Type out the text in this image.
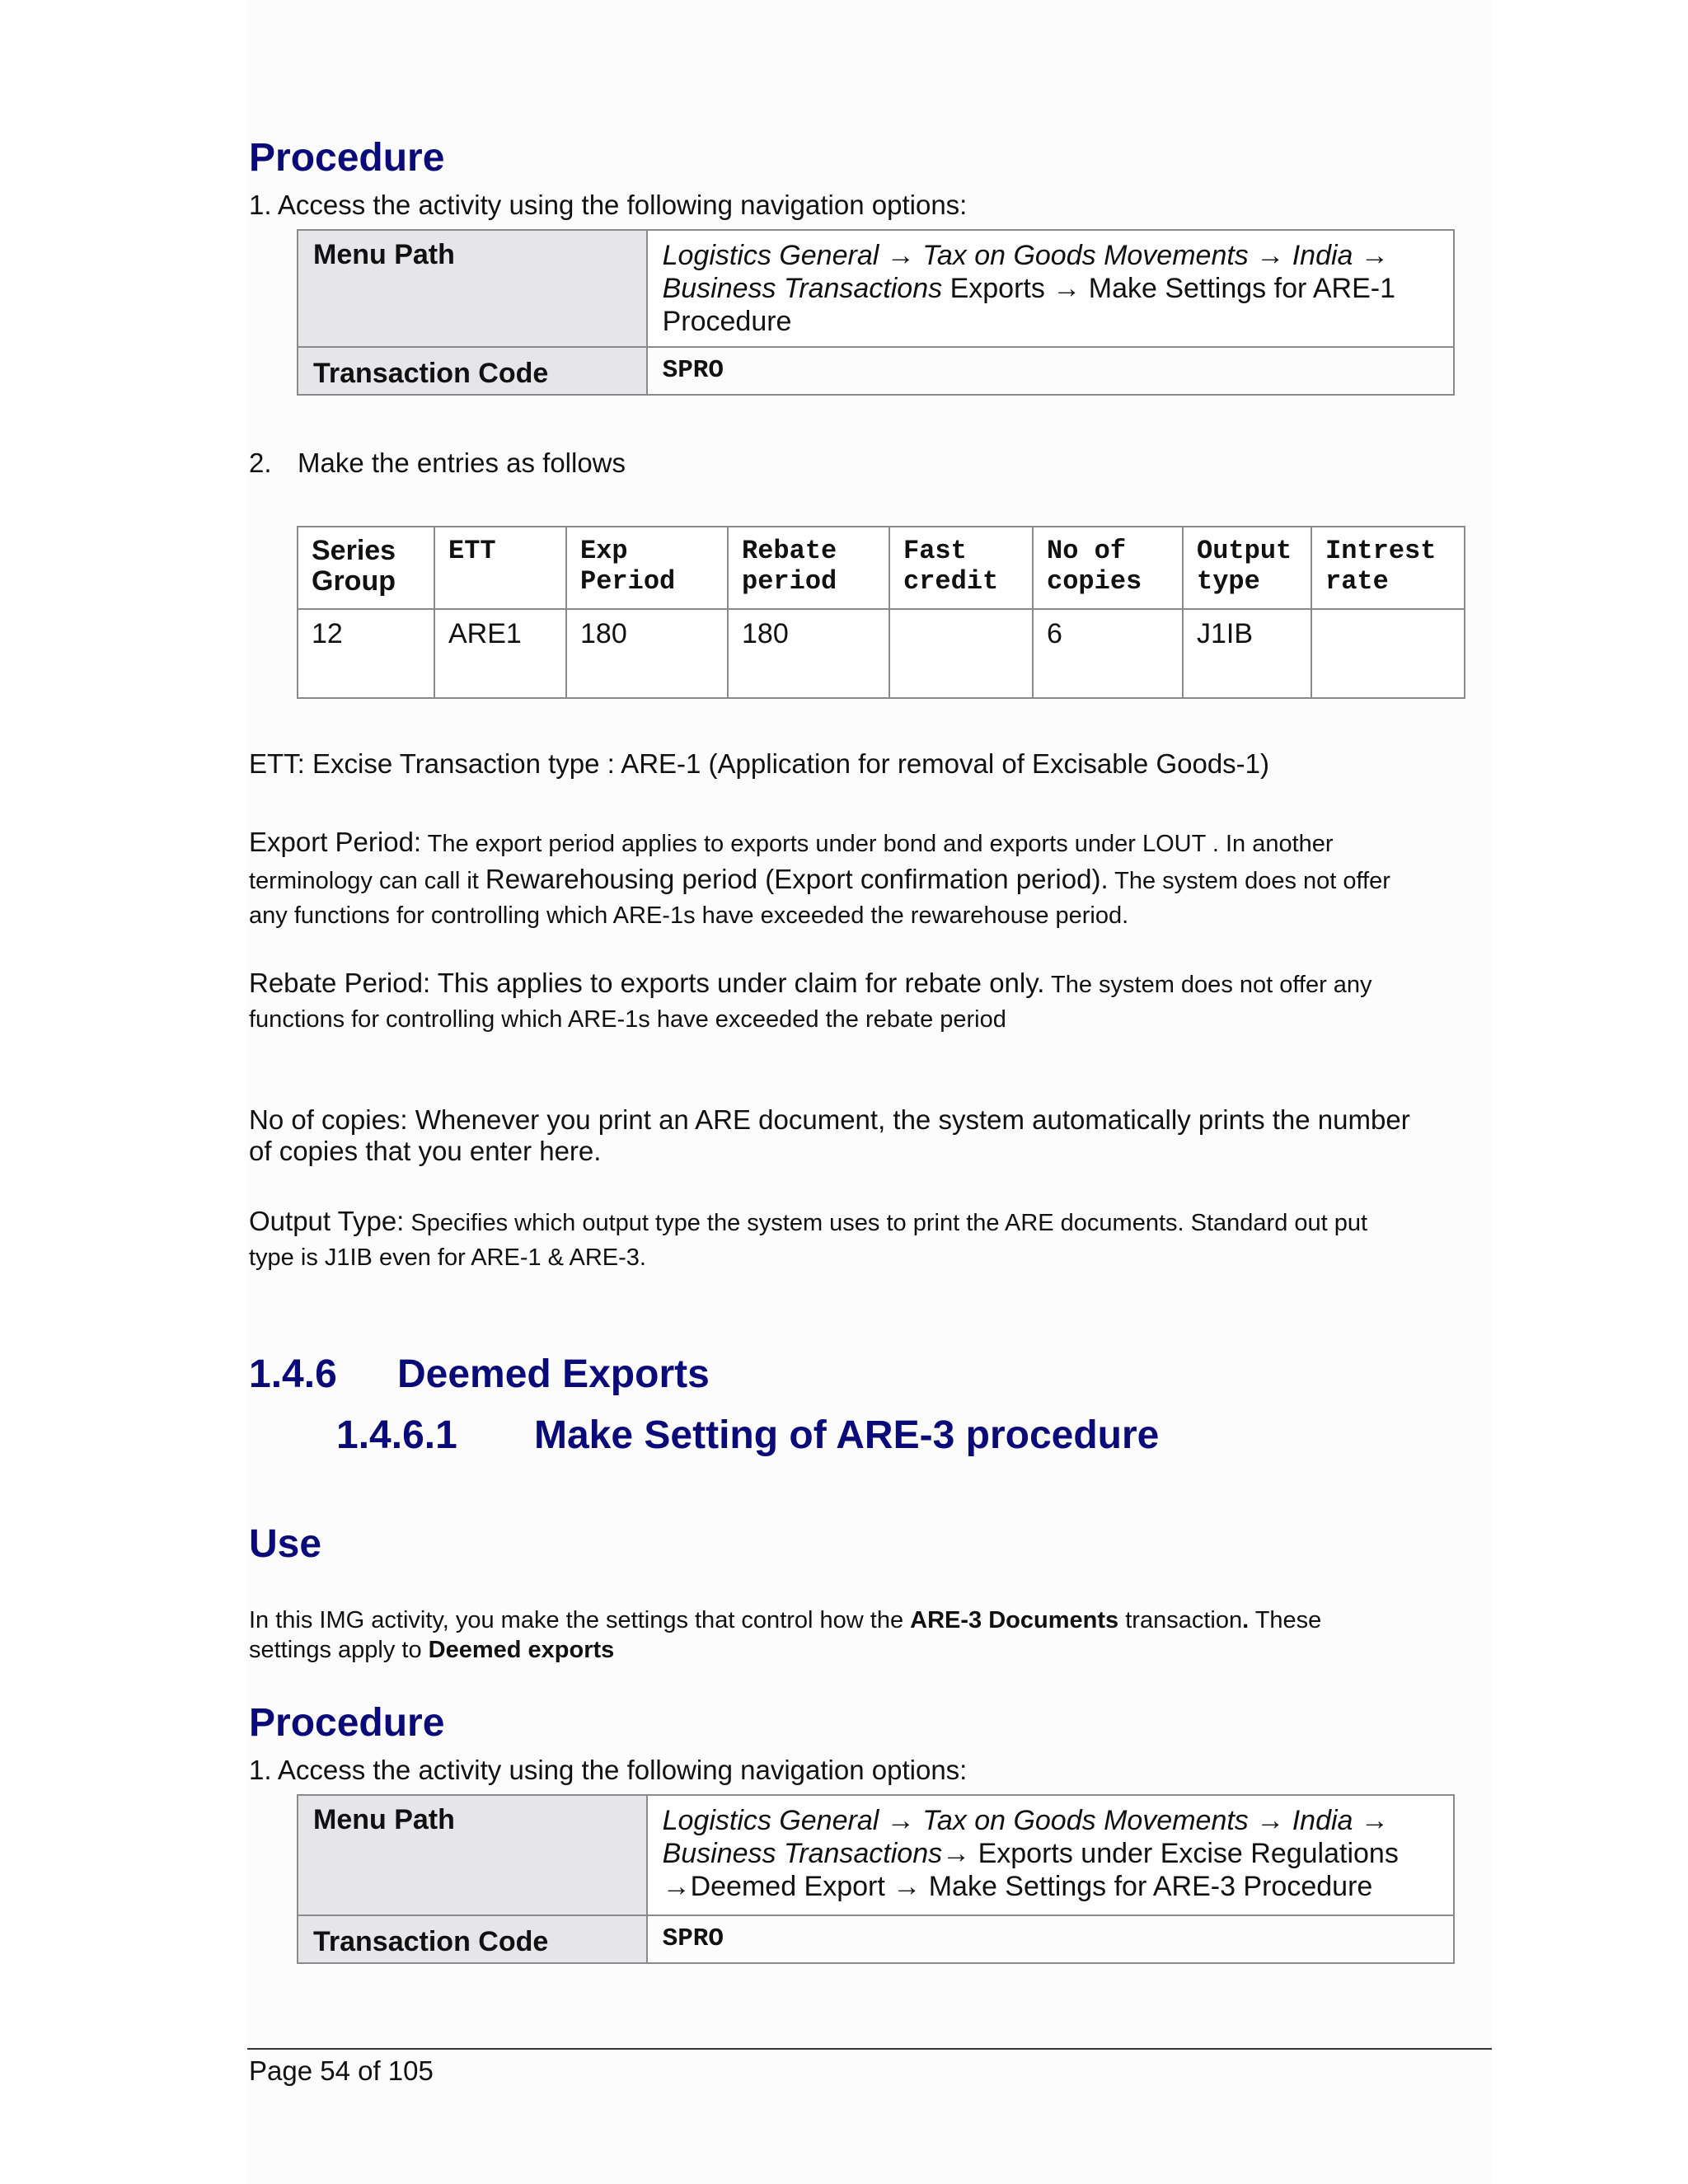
Procedure
1. Access the activity using the following navigation options:
Menu Path	Logistics General → Tax on Goods Movements → India →
Business Transactions Exports → Make Settings for ARE-1
Procedure
Transaction Code	SPRO
2. Make the entries as follows
Series Group	ETT	Exp Period	Rebate period	Fast credit	No of copies	Output type	Intrest rate
12	ARE1	180	180		6	J1IB	
ETT: Excise Transaction type : ARE-1 (Application for removal of Excisable Goods-1)
Export Period: The export period applies to exports under bond and exports under LOUT . In another
terminology can call it Rewarehousing period (Export confirmation period). The system does not offer
any functions for controlling which ARE-1s have exceeded the rewarehouse period.
Rebate Period: This applies to exports under claim for rebate only. The system does not offer any
functions for controlling which ARE-1s have exceeded the rebate period
No of copies: Whenever you print an ARE document, the system automatically prints the number
of copies that you enter here.
Output Type: Specifies which output type the system uses to print the ARE documents. Standard out put
type is J1IB even for ARE-1 & ARE-3.
1.4.6 Deemed Exports
1.4.6.1 Make Setting of ARE-3 procedure
Use
In this IMG activity, you make the settings that control how the ARE-3 Documents transaction. These
settings apply to Deemed exports
Procedure
1. Access the activity using the following navigation options:
Menu Path	Logistics General → Tax on Goods Movements → India →
Business Transactions→ Exports under Excise Regulations
→Deemed Export → Make Settings for ARE-3 Procedure
Transaction Code	SPRO
Page 54 of 105
